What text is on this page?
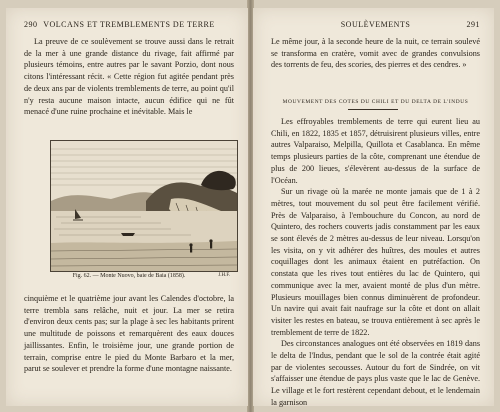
290 VOLCANS ET TREMBLEMENTS DE TERRE

La preuve de ce soulèvement se trouve aussi dans le retrait de la mer à une grande distance du rivage, fait affirmé par plusieurs témoins, entre autres par le savant Porzio, dont nous citons l'intéressant récit. « Cette région fut agitée pendant près de deux ans par de violents tremblements de terre, au point qu'il n'y resta aucune maison intacte, aucun édifice qui ne fût menacé d'une ruine prochaine et inévitable. Mais le

Fig. 62. — Monte Nuovo, baie de Baia (1858).	J.H.F.

cinquième et le quatrième jour avant les Calendes d'octobre, la terre trembla sans relâche, nuit et jour. La mer se retira d'environ deux cents pas; sur la plage à sec les habitants prirent une multitude de poissons et remarquèrent des eaux douces jaillissantes. Enfin, le troisième jour, une grande portion de terrain, comprise entre le pied du Monte Barbaro et la mer, parut se soulever et prendre la forme d'une montagne naissante.

SOULÈVEMENTS	291

Le même jour, à la seconde heure de la nuit, ce terrain soulevé se transforma en cratère, vomit avec de grandes convulsions des torrents de feu, des scories, des pierres et des cendres. »

MOUVEMENT DES COTES DU CHILI ET DU DELTA DE L'INDUS

Les effroyables tremblements de terre qui eurent lieu au Chili, en 1822, 1835 et 1857, détruisirent plusieurs villes, entre autres Valparaiso, Melpilla, Quillota et Casablanca. En même temps plusieurs parties de la côte, comprenant une étendue de plus de 200 lieues, s'élevèrent au-dessus de la surface de l'Océan.

Sur un rivage où la marée ne monte jamais que de 1 à 2 mètres, tout mouvement du sol peut être facilement vérifié. Près de Valparaiso, à l'embouchure du Concon, au nord de Quintero, des rochers couverts jadis constamment par les eaux se sont élevés de 2 mètres au-dessus de leur niveau. Lorsqu'on les visita, on y vit adhérer des huîtres, des moules et autres coquillages dont les animaux étaient en putréfaction. On constata que les rives tout entières du lac de Quintero, qui communique avec la mer, avaient monté de plus d'un mètre. Plusieurs mouillages bien connus diminuèrent de profondeur. Un navire qui avait fait naufrage sur la côte et dont on allait visiter les restes en bateau, se trouva entièrement à sec après le tremblement de terre de 1822.

Des circonstances analogues ont été observées en 1819 dans le delta de l'Indus, pendant que le sol de la contrée était agité par de violentes secousses. Autour du fort de Sindrée, on vit s'affaisser une étendue de pays plus vaste que le lac de Genève. Le village et le fort restèrent cependant debout, et le lendemain la garnison
